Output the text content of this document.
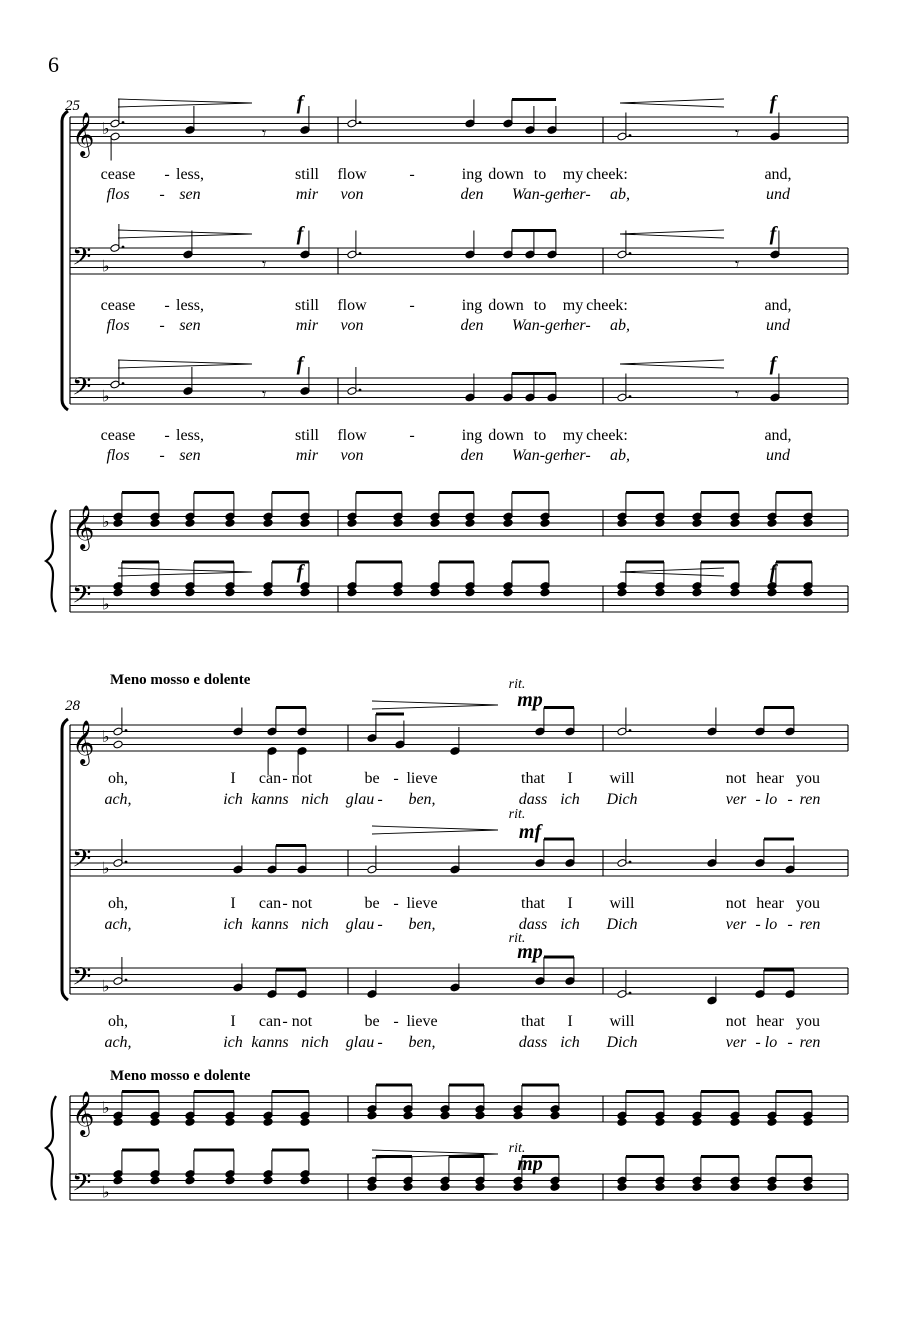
6
25
𝄞 ♭
𝄢 ♭
𝄢 ♭
𝄞 ♭
𝄢 ♭
𝄾	𝄾
𝄾	𝄾
𝄾	𝄾
f	f
f	f
f	f
f	f
cease - less,	still flow	-	ing down to my cheek:	and,
flos - sen	mir von	den Wan-gen
her - ab,	und
cease - less,	still flow	-	ing down to my cheek:	and,
flos - sen	mir von	den Wan-gen
her - ab,	und
cease - less,	still flow	-	ing down to my cheek:	and,
flos - sen	mir von	den Wan-gen
her - ab,	und
28
Meno mosso e dolente
Meno mosso e dolente
𝄞 ♭
𝄢 ♭
𝄢 ♭
𝄞 ♭
𝄢 ♭
rit.
mp
rit.
mf
rit.
mp
rit.
mp
oh,	I can - not	be - lieve	that I will	not hear you
ach,	ich kanns nich glau - ben,	dass ich Dich	ver - lo - ren
oh,	I can - not	be - lieve	that I will	not hear you
ach,	ich kanns nich glau - ben,	dass ich Dich	ver - lo - ren
oh,	I can - not	be - lieve	that I will	not hear you
ach,	ich kanns nich glau - ben,	dass ich Dich	ver - lo - ren
